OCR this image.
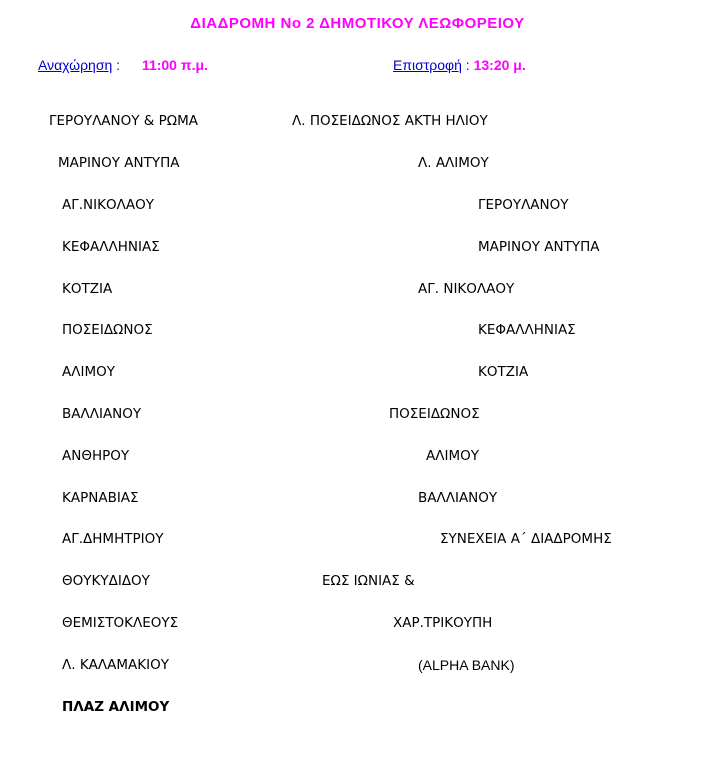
ΔΙΑΔΡΟΜΗ Νο 2 ΔΗΜΟΤΙΚΟΥ ΛΕΩΦΟΡΕΙΟΥ
Αναχώρηση : 11:00 π.μ.	Επιστροφή : 13:20 μ.
ΓΕΡΟΥΛΑΝΟΥ & ΡΩΜΑ
ΜΑΡΙΝΟΥ ΑΝΤΥΠΑ
ΑΓ.ΝΙΚΟΛΑΟΥ
ΚΕΦΑΛΛΗΝΙΑΣ
ΚΟΤΖΙΑ
ΠΟΣΕΙΔΩΝΟΣ
ΑΛΙΜΟΥ
ΒΑΛΛΙΑΝΟΥ
ΑΝΘΗΡΟΥ
ΚΑΡΝΑΒΙΑΣ
ΑΓ.ΔΗΜΗΤΡΙΟΥ
ΘΟΥΚΥΔΙΔΟΥ
ΘΕΜΙΣΤΟΚΛΕΟΥΣ
Λ. ΚΑΛΑΜΑΚΙΟΥ
ΠΛΑΖ ΑΛΙΜΟΥ
Λ. ΠΟΣΕΙΔΩΝΟΣ ΑΚΤΗ ΗΛΙΟΥ
Λ. ΑΛΙΜΟΥ
ΓΕΡΟΥΛΑΝΟΥ
ΜΑΡΙΝΟΥ ΑΝΤΥΠΑ
ΑΓ. ΝΙΚΟΛΑΟΥ
ΚΕΦΑΛΛΗΝΙΑΣ
ΚΟΤΖΙΑ
ΠΟΣΕΙΔΩΝΟΣ
ΑΛΙΜΟΥ
ΒΑΛΛΙΑΝΟΥ
ΣΥΝΕΧΕΙΑ Α΄ ΔΙΑΔΡΟΜΗΣ
ΕΩΣ ΙΩΝΙΑΣ &
ΧΑΡ.ΤΡΙΚΟΥΠΗ
(ALPHA BANK)
